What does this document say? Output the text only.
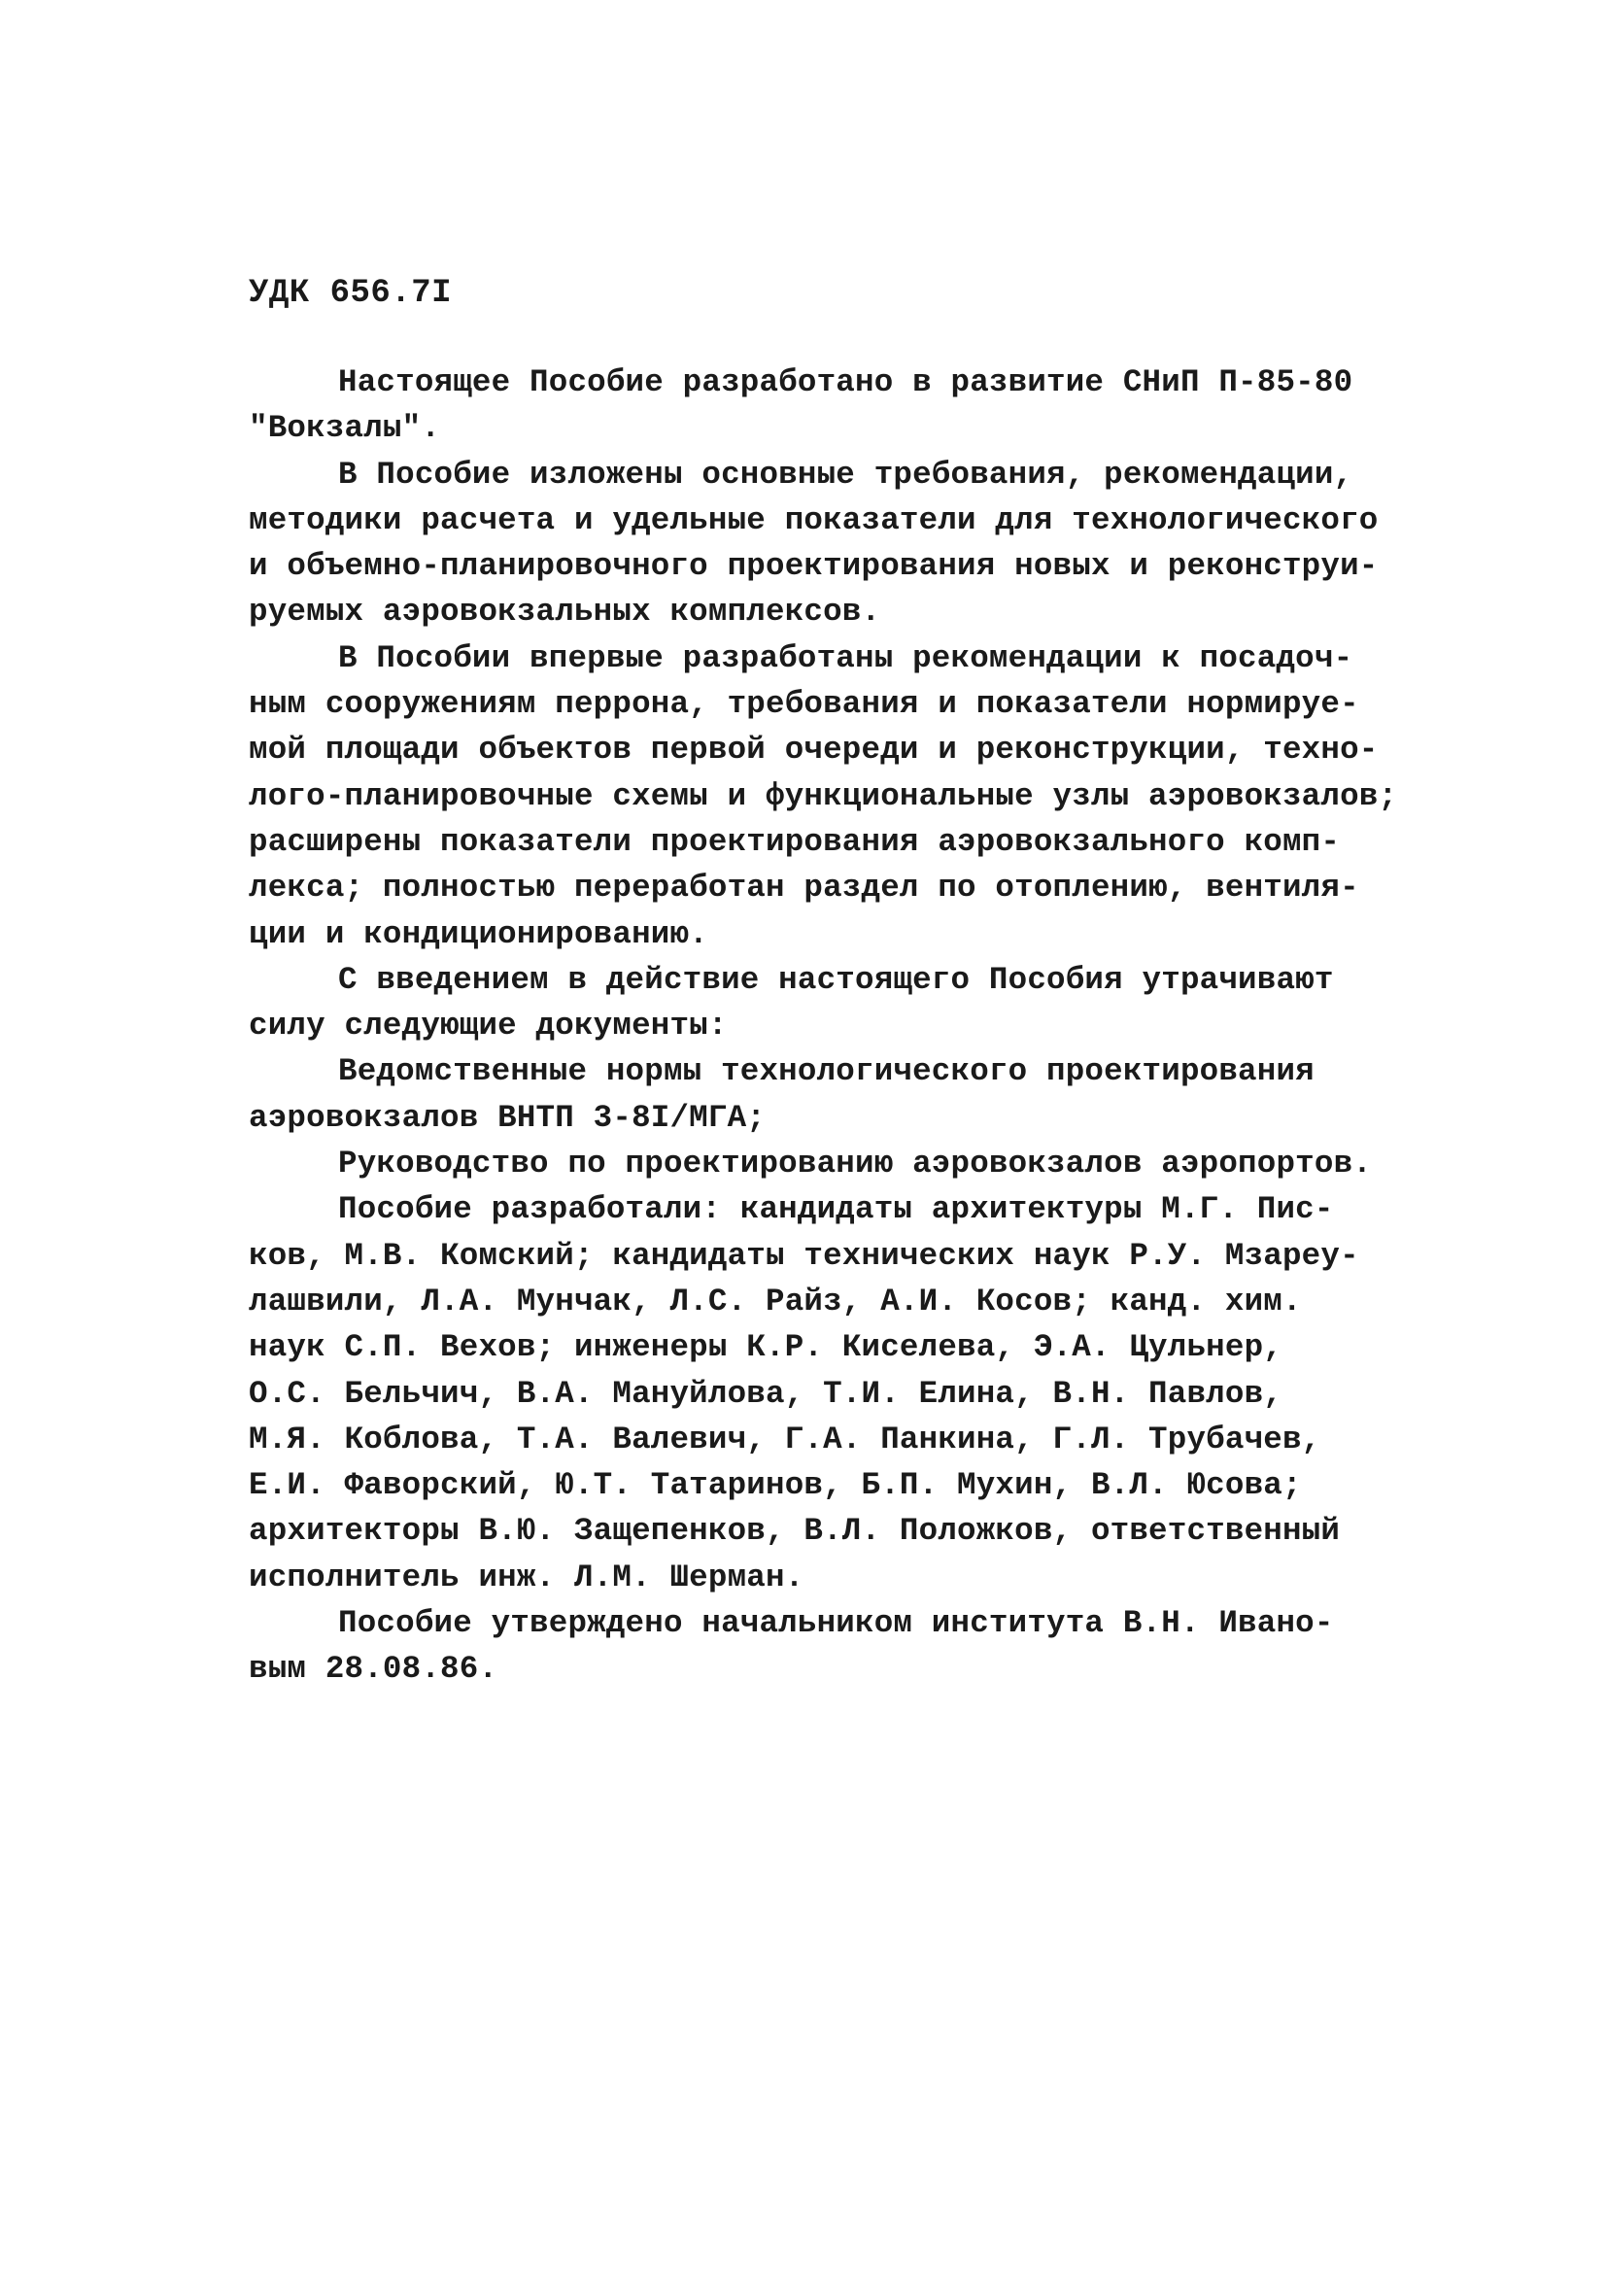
УДК 656.7I
Настоящее Пособие разработано в развитие СНиП П-85-80
"Вокзалы".
В Пособие изложены основные требования, рекомендации,
методики расчета и удельные показатели для технологического
и объемно-планировочного проектирования новых и реконструи-
руемых аэровокзальных комплексов.
В Пособии впервые разработаны рекомендации к посадоч-
ным сооружениям перрона, требования и показатели нормируе-
мой площади объектов первой очереди и реконструкции, техно-
лого-планировочные схемы и функциональные узлы аэровокзалов;
расширены показатели проектирования аэровокзального комп-
лекса; полностью переработан раздел по отоплению, вентиля-
ции и кондиционированию.
С введением в действие настоящего Пособия утрачивают
силу следующие документы:
Ведомственные нормы технологического проектирования
аэровокзалов ВНТП 3-8I/МГА;
Руководство по проектированию аэровокзалов аэропортов.
Пособие разработали: кандидаты архитектуры М.Г. Пис-
ков, М.В. Комский; кандидаты технических наук Р.У. Мзареу-
лашвили, Л.А. Мунчак, Л.С. Райз, А.И. Косов; канд. хим.
наук С.П. Вехов; инженеры К.Р. Киселева, Э.А. Цульнер,
О.С. Бельчич, В.А. Мануйлова, Т.И. Елина, В.Н. Павлов,
М.Я. Коблова, Т.А. Валевич, Г.А. Панкина, Г.Л. Трубачев,
Е.И. Фаворский, Ю.Т. Татаринов, Б.П. Мухин, В.Л. Юсова;
архитекторы В.Ю. Защепенков, В.Л. Положков, ответственный
исполнитель инж. Л.М. Шерман.
Пособие утверждено начальником института В.Н. Ивано-
вым 28.08.86.
